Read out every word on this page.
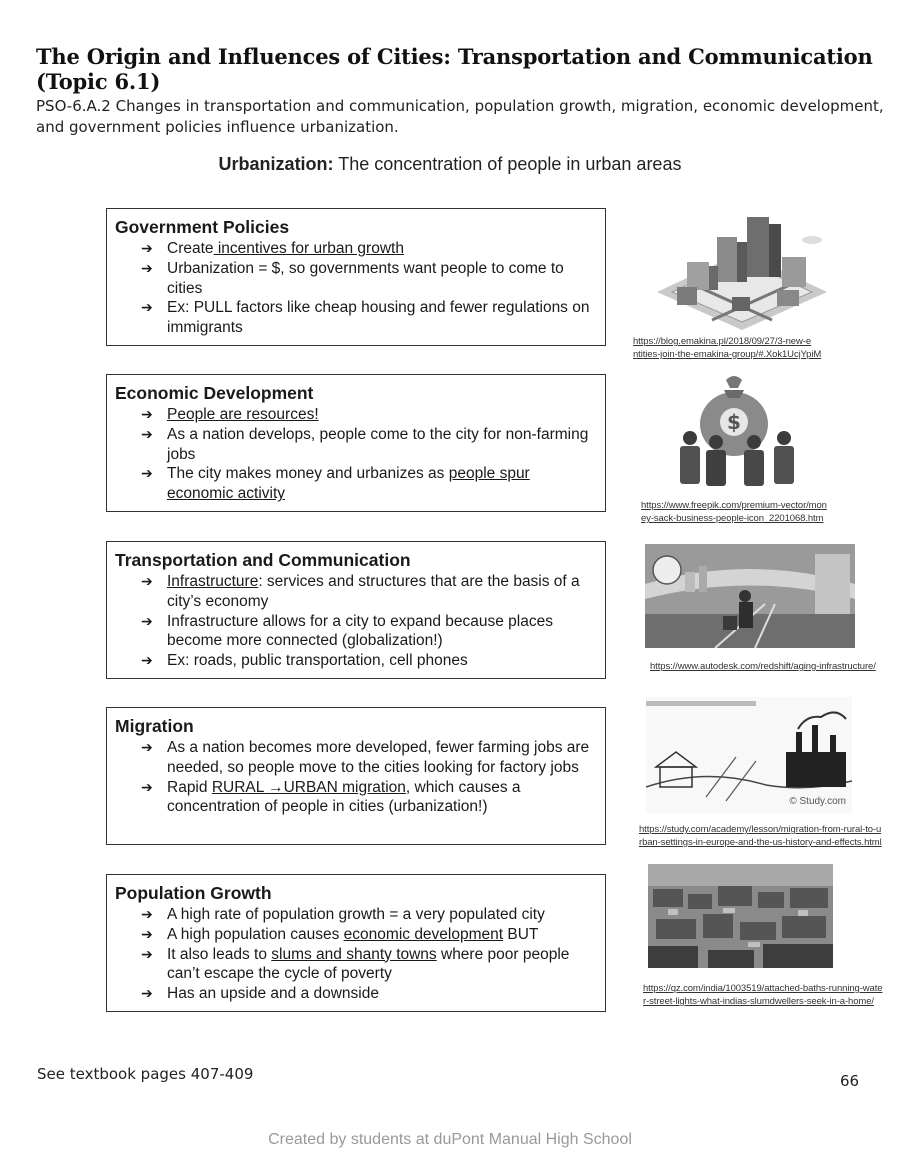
The Origin and Influences of Cities: Transportation and Communication (Topic 6.1)
PSO-6.A.2 Changes in transportation and communication, population growth, migration, economic development, and government policies influence urbanization.
Urbanization: The concentration of people in urban areas
Government Policies
➔ Create incentives for urban growth
➔ Urbanization = $, so governments want people to come to cities
➔ Ex: PULL factors like cheap housing and fewer regulations on immigrants
Economic Development
➔ People are resources!
➔ As a nation develops, people come to the city for non-farming jobs
➔ The city makes money and urbanizes as people spur economic activity
Transportation and Communication
➔ Infrastructure: services and structures that are the basis of a city’s economy
➔ Infrastructure allows for a city to expand because places become more connected (globalization!)
➔ Ex: roads, public transportation, cell phones
Migration
➔ As a nation becomes more developed, fewer farming jobs are needed, so people move to the cities looking for factory jobs
➔ Rapid RURAL →URBAN migration, which causes a concentration of people in cities (urbanization!)
Population Growth
➔ A high rate of population growth = a very populated city
➔ A high population causes economic development BUT
➔ It also leads to slums and shanty towns where poor people can’t escape the cycle of poverty
➔ Has an upside and a downside
https://blog.emakina.pl/2018/09/27/3-new-e
ntities-join-the-emakina-group/#.Xok1UcjYpiM
$
https://www.freepik.com/premium-vector/mon
ey-sack-business-people-icon_2201068.htm
https://www.autodesk.com/redshift/aging-infrastructure/
© Study.com
https://study.com/academy/lesson/migration-from-rural-to-u
rban-settings-in-europe-and-the-us-history-and-effects.html
https://qz.com/india/1003519/attached-baths-running-wate
r-street-lights-what-indias-slumdwellers-seek-in-a-home/
See textbook pages 407-409	66
Created by students at duPont Manual High School
